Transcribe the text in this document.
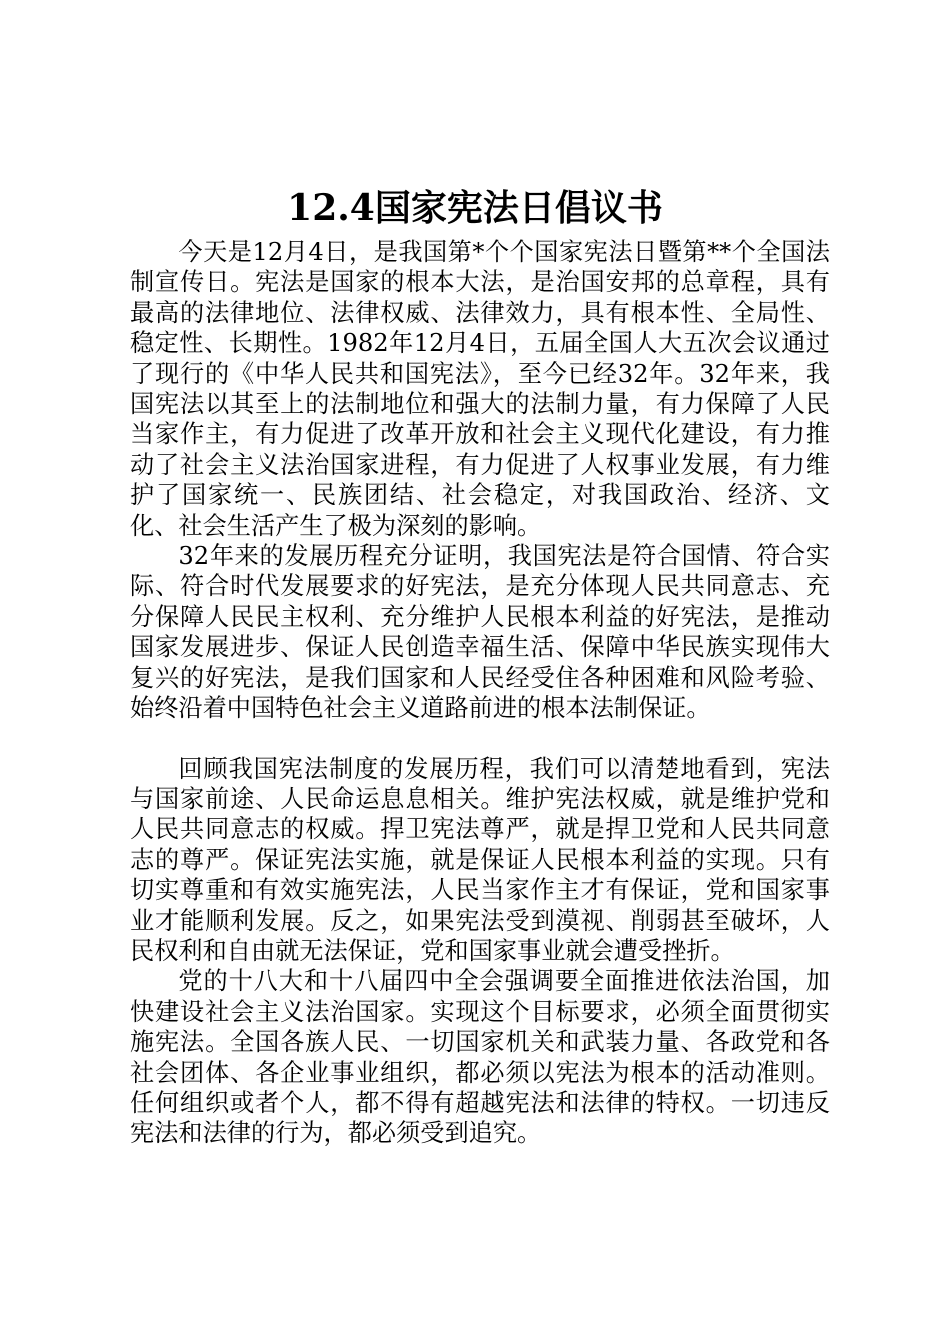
12.4国家宪法日倡议书

今天是12月4日，是我国第*个个国家宪法日暨第**个全国法制宣传日。宪法是国家的根本大法，是治国安邦的总章程，具有最高的法律地位、法律权威、法律效力，具有根本性、全局性、稳定性、长期性。1982年12月4日，五届全国人大五次会议通过了现行的《中华人民共和国宪法》，至今已经32年。32年来，我国宪法以其至上的法制地位和强大的法制力量，有力保障了人民当家作主，有力促进了改革开放和社会主义现代化建设，有力推动了社会主义法治国家进程，有力促进了人权事业发展，有力维护了国家统一、民族团结、社会稳定，对我国政治、经济、文化、社会生活产生了极为深刻的影响。

32年来的发展历程充分证明，我国宪法是符合国情、符合实际、符合时代发展要求的好宪法，是充分体现人民共同意志、充分保障人民民主权利、充分维护人民根本利益的好宪法，是推动国家发展进步、保证人民创造幸福生活、保障中华民族实现伟大复兴的好宪法，是我们国家和人民经受住各种困难和风险考验、始终沿着中国特色社会主义道路前进的根本法制保证。

回顾我国宪法制度的发展历程，我们可以清楚地看到，宪法与国家前途、人民命运息息相关。维护宪法权威，就是维护党和人民共同意志的权威。捍卫宪法尊严，就是捍卫党和人民共同意志的尊严。保证宪法实施，就是保证人民根本利益的实现。只有切实尊重和有效实施宪法，人民当家作主才有保证，党和国家事业才能顺利发展。反之，如果宪法受到漠视、削弱甚至破坏，人民权利和自由就无法保证，党和国家事业就会遭受挫折。

党的十八大和十八届四中全会强调要全面推进依法治国，加快建设社会主义法治国家。实现这个目标要求，必须全面贯彻实施宪法。全国各族人民、一切国家机关和武装力量、各政党和各社会团体、各企业事业组织，都必须以宪法为根本的活动准则。任何组织或者个人，都不得有超越宪法和法律的特权。一切违反宪法和法律的行为，都必须受到追究。
